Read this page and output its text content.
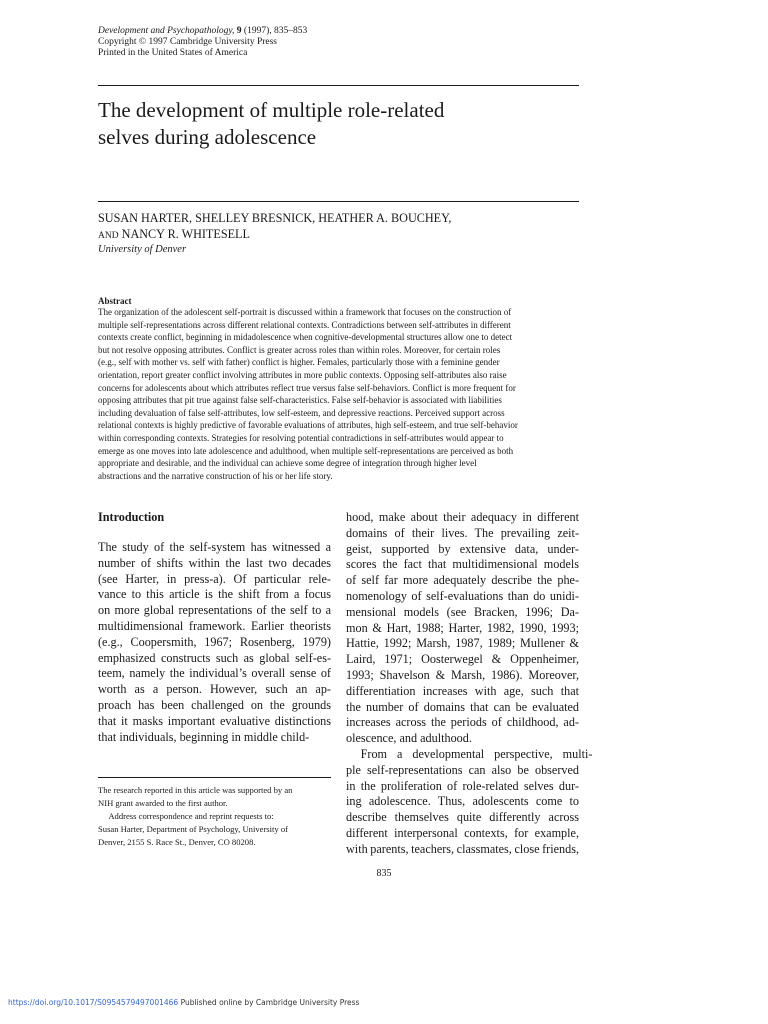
Development and Psychopathology, 9 (1997), 835–853
Copyright © 1997 Cambridge University Press
Printed in the United States of America
The development of multiple role-related
selves during adolescence
SUSAN HARTER, SHELLEY BRESNICK, HEATHER A. BOUCHEY,
AND NANCY R. WHITESELL
University of Denver
Abstract
The organization of the adolescent self-portrait is discussed within a framework that focuses on the construction of
multiple self-representations across different relational contexts. Contradictions between self-attributes in different
contexts create conflict, beginning in midadolescence when cognitive-developmental structures allow one to detect
but not resolve opposing attributes. Conflict is greater across roles than within roles. Moreover, for certain roles
(e.g., self with mother vs. self with father) conflict is higher. Females, particularly those with a feminine gender
orientation, report greater conflict involving attributes in more public contexts. Opposing self-attributes also raise
concerns for adolescents about which attributes reflect true versus false self-behaviors. Conflict is more frequent for
opposing attributes that pit true against false self-characteristics. False self-behavior is associated with liabilities
including devaluation of false self-attributes, low self-esteem, and depressive reactions. Perceived support across
relational contexts is highly predictive of favorable evaluations of attributes, high self-esteem, and true self-behavior
within corresponding contexts. Strategies for resolving potential contradictions in self-attributes would appear to
emerge as one moves into late adolescence and adulthood, when multiple self-representations are perceived as both
appropriate and desirable, and the individual can achieve some degree of integration through higher level
abstractions and the narrative construction of his or her life story.
Introduction
The study of the self-system has witnessed a
number of shifts within the last two decades
(see Harter, in press-a). Of particular rele-
vance to this article is the shift from a focus
on more global representations of the self to a
multidimensional framework. Earlier theorists
(e.g., Coopersmith, 1967; Rosenberg, 1979)
emphasized constructs such as global self-es-
teem, namely the individual’s overall sense of
worth as a person. However, such an ap-
proach has been challenged on the grounds
that it masks important evaluative distinctions
that individuals, beginning in middle child-
hood, make about their adequacy in different
domains of their lives. The prevailing zeit-
geist, supported by extensive data, under-
scores the fact that multidimensional models
of self far more adequately describe the phe-
nomenology of self-evaluations than do unidi-
mensional models (see Bracken, 1996; Da-
mon & Hart, 1988; Harter, 1982, 1990, 1993;
Hattie, 1992; Marsh, 1987, 1989; Mullener &
Laird, 1971; Oosterwegel & Oppenheimer,
1993; Shavelson & Marsh, 1986). Moreover,
differentiation increases with age, such that
the number of domains that can be evaluated
increases across the periods of childhood, ad-
olescence, and adulthood.
From a developmental perspective, multi-
ple self-representations can also be observed
in the proliferation of role-related selves dur-
ing adolescence. Thus, adolescents come to
describe themselves quite differently across
different interpersonal contexts, for example,
with parents, teachers, classmates, close friends,
The research reported in this article was supported by an
NIH grant awarded to the first author.
Address correspondence and reprint requests to:
Susan Harter, Department of Psychology, University of
Denver, 2155 S. Race St., Denver, CO 80208.
835
https://doi.org/10.1017/S0954579497001466 Published online by Cambridge University Press
